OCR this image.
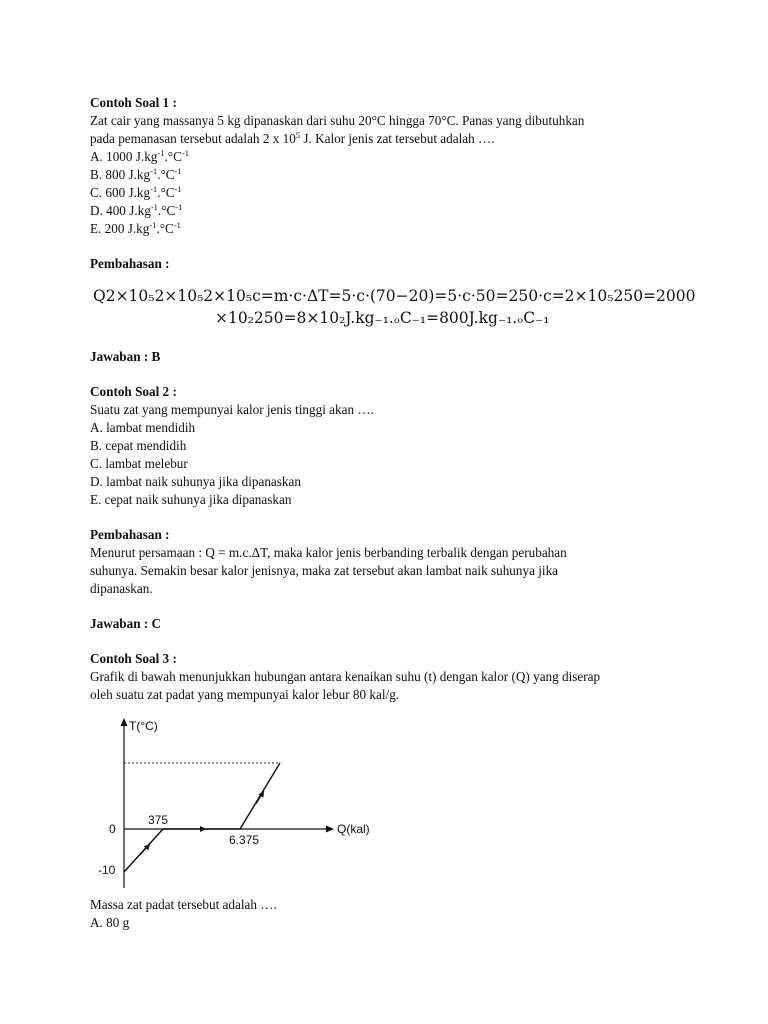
Contoh Soal 1 :
Zat cair yang massanya 5 kg dipanaskan dari suhu 20°C hingga 70°C. Panas yang dibutuhkan
pada pemanasan tersebut adalah 2 x $10^5$ J. Kalor jenis zat tersebut adalah ….
A. 1000 $J.kg^{-1}.^\circ C^{-1}$
B. 800 $J.kg^{-1}.^\circ C^{-1}$
C. 600 $J.kg^{-1}.^\circ C^{-1}$
D. 400 $J.kg^{-1}.^\circ C^{-1}$
E. 200 $J.kg^{-1}.^\circ C^{-1}$
Pembahasan :
Q2×10₅2×10₅2×10₅c=m·c·ΔT=5·c·(70−20)=5·c·50=250·c=2×10₅250=2000
×10₂250=8×10₂J.kg₋₁.ₒC₋₁=800J.kg₋₁.ₒC₋₁
Jawaban : B
Contoh Soal 2 :
Suatu zat yang mempunyai kalor jenis tinggi akan ….
A. lambat mendidih
B. cepat mendidih
C. lambat melebur
D. lambat naik suhunya jika dipanaskan
E. cepat naik suhunya jika dipanaskan
Pembahasan :
Menurut persamaan : Q = m.c.ΔT, maka kalor jenis berbanding terbalik dengan perubahan
suhunya. Semakin besar kalor jenisnya, maka zat tersebut akan lambat naik suhunya jika
dipanaskan.
Jawaban : C
Contoh Soal 3 :
Grafik di bawah menunjukkan hubungan antara kenaikan suhu (t) dengan kalor (Q) yang diserap
oleh suatu zat padat yang mempunyai kalor lebur 80 kal/g.
T(°C)
Q(kal)
0
-10
375
6.375
Massa zat padat tersebut adalah ….
A. 80 g
